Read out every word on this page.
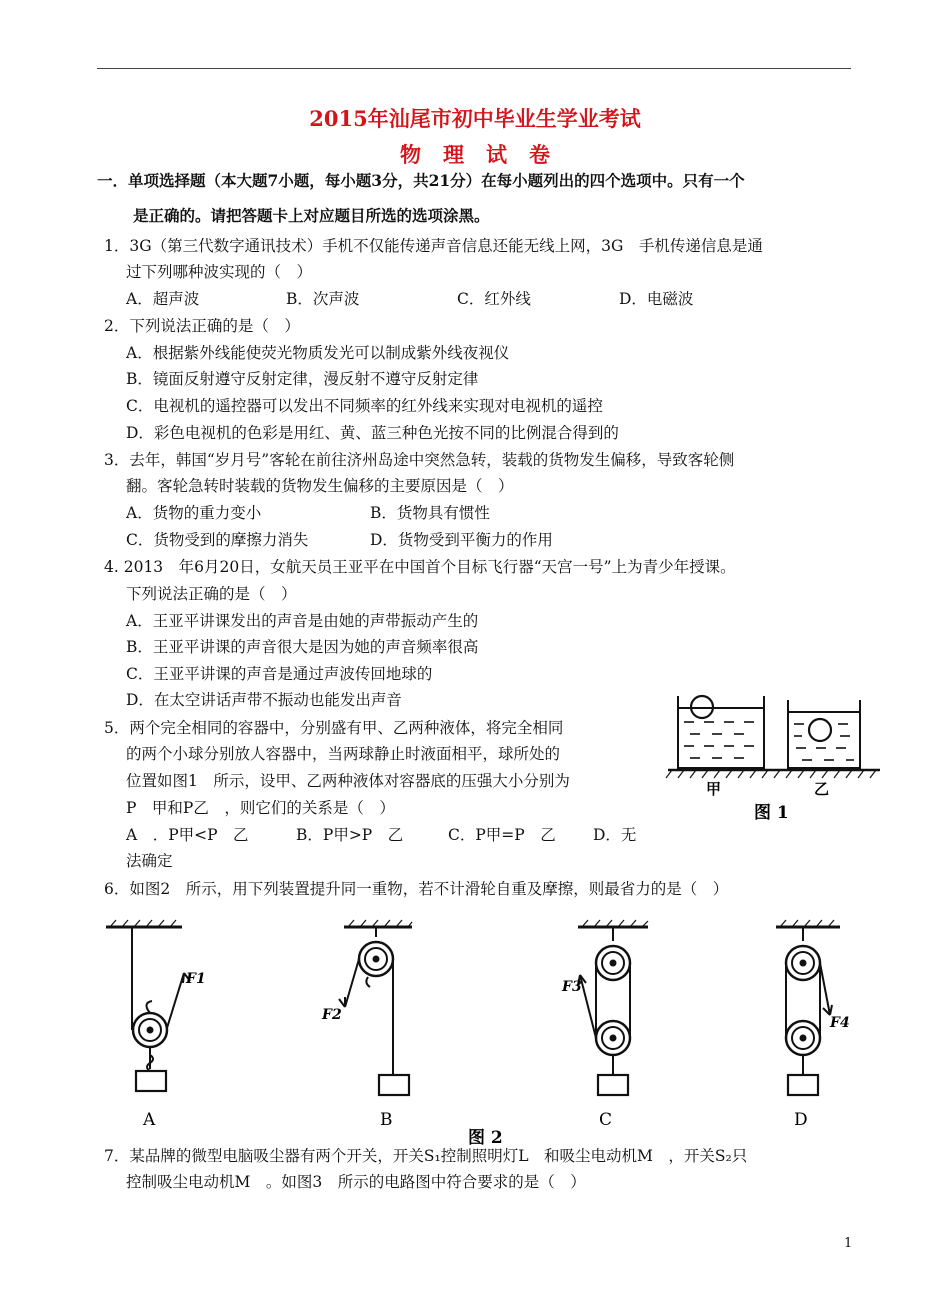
2015年汕尾市初中毕业生学业考试
物理试卷
一．单项选择题（本大题7小题，每小题3分，共21分）在每小题列出的四个选项中。只有一个
是正确的。请把答题卡上对应题目所选的选项涂黑。
1．3G（第三代数字通讯技术）手机不仅能传递声音信息还能无线上网，3G　手机传递信息是通
过下列哪种波实现的（　）
A．超声波	B．次声波	C．红外线	D．电磁波
2．下列说法正确的是（　）
A．根据紫外线能使荧光物质发光可以制成紫外线夜视仪
B．镜面反射遵守反射定律，漫反射不遵守反射定律
C．电视机的遥控器可以发出不同频率的红外线来实现对电视机的遥控
D．彩色电视机的色彩是用红、黄、蓝三种色光按不同的比例混合得到的
3．去年，韩国“岁月号”客轮在前往济州岛途中突然急转，装载的货物发生偏移，导致客轮侧
翻。客轮急转时装载的货物发生偏移的主要原因是（　）
A．货物的重力变小	B．货物具有惯性
C．货物受到的摩擦力消失	D．货物受到平衡力的作用
4. 2013　年6月20日，女航天员王亚平在中国首个目标飞行器“天宫一号”上为青少年授课。
下列说法正确的是（　）
A．王亚平讲课发出的声音是由她的声带振动产生的
B．王亚平讲课的声音很大是因为她的声音频率很高
C．王亚平讲课的声音是通过声波传回地球的
D．在太空讲话声带不振动也能发出声音
5．两个完全相同的容器中，分别盛有甲、乙两种液体，将完全相同
的两个小球分别放人容器中，当两球静止时液面相平，球所处的
位置如图1　所示，设甲、乙两种液体对容器底的压强大小分别为
P　甲和P乙　，则它们的关系是（　）
A　．P甲<P　乙	B．P甲>P　乙	C．P甲=P　乙 D．无
法确定
甲	乙
图 1
6．如图2　所示，用下列装置提升同一重物，若不计滑轮自重及摩擦，则最省力的是（　）
F1
A
F2
B
F3
C
F4
D
图 2
7．某品牌的微型电脑吸尘器有两个开关，开关S₁控制照明灯L　和吸尘电动机M　，开关S₂只
控制吸尘电动机M　。如图3　所示的电路图中符合要求的是（　）
1
